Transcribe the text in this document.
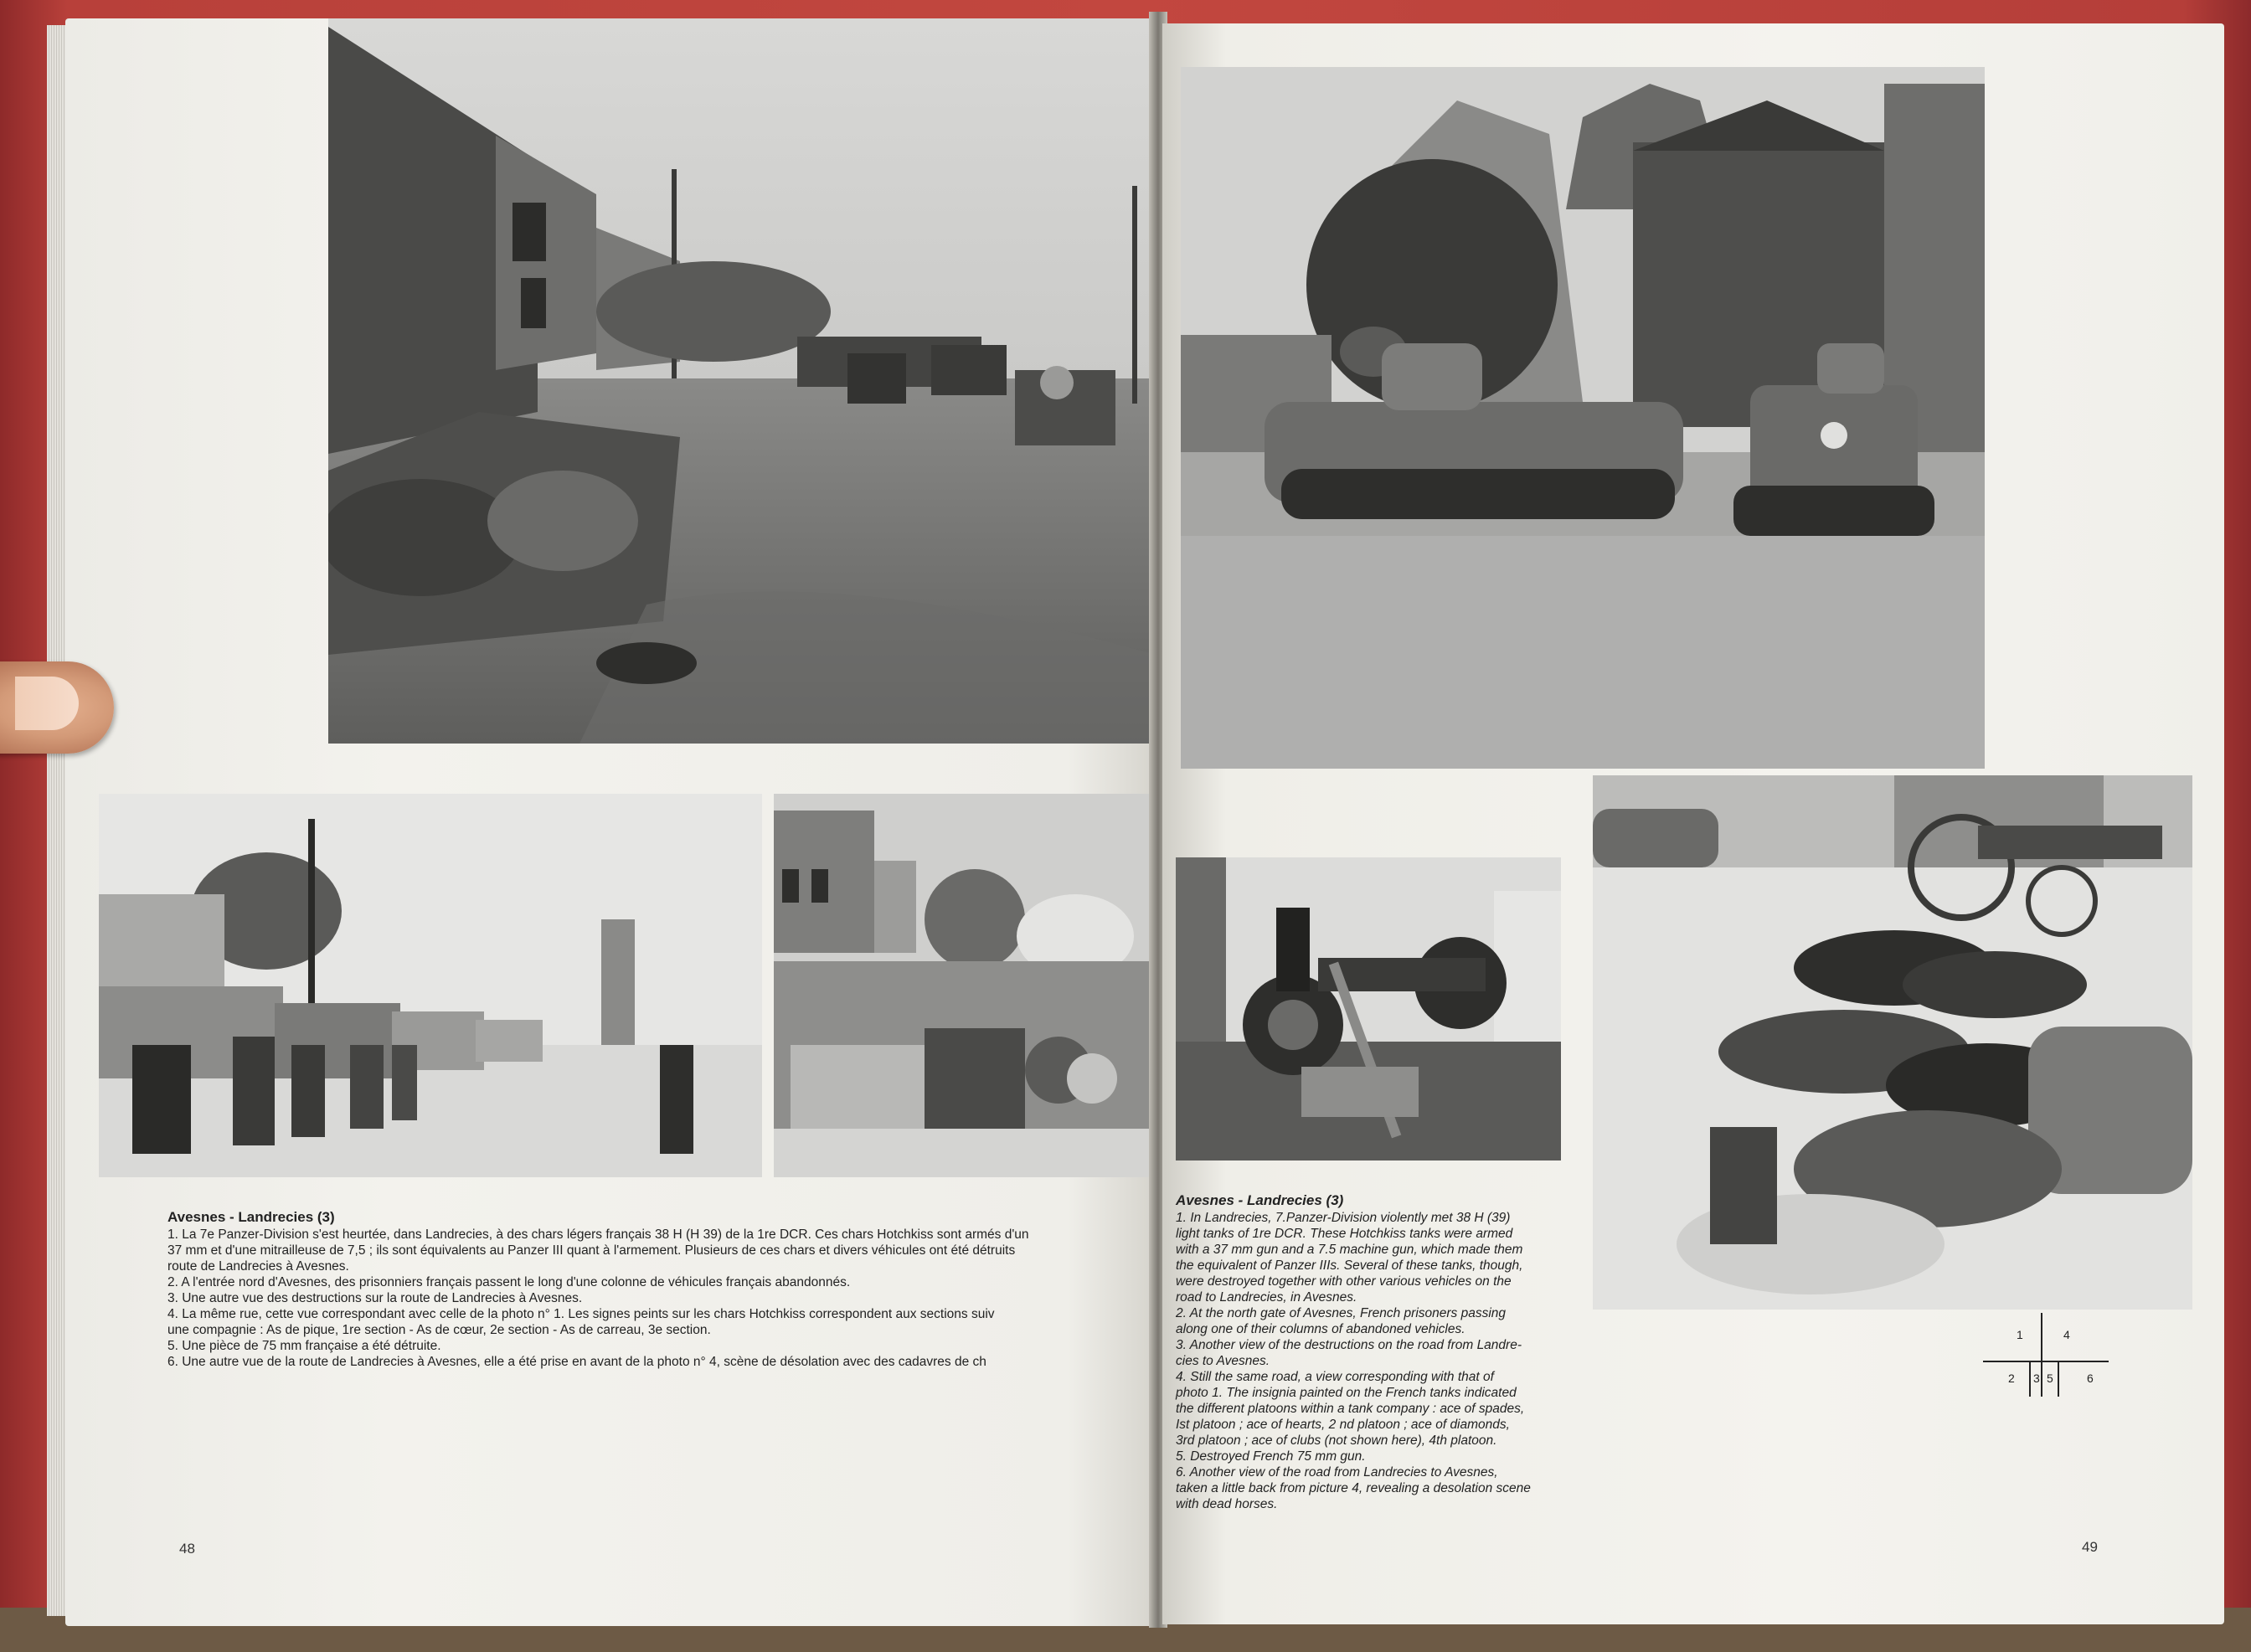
Avesnes - Landrecies (3)
1. La 7e Panzer-Division s'est heurtée, dans Landrecies, à des chars légers français 38 H (H 39) de la 1re DCR. Ces chars Hotchkiss sont armés d'un
37 mm et d'une mitrailleuse de 7,5 ; ils sont équivalents au Panzer III quant à l'armement. Plusieurs de ces chars et divers véhicules ont été détruits
route de Landrecies à Avesnes.
2. A l'entrée nord d'Avesnes, des prisonniers français passent le long d'une colonne de véhicules français abandonnés.
3. Une autre vue des destructions sur la route de Landrecies à Avesnes.
4. La même rue, cette vue correspondant avec celle de la photo n° 1. Les signes peints sur les chars Hotchkiss correspondent aux sections suiv
une compagnie : As de pique, 1re section - As de cœur, 2e section - As de carreau, 3e section.
5. Une pièce de 75 mm française a été détruite.
6. Une autre vue de la route de Landrecies à Avesnes, elle a été prise en avant de la photo n° 4, scène de désolation avec des cadavres de ch
48
Avesnes - Landrecies (3)
1. In Landrecies, 7.Panzer-Division violently met 38 H (39)
light tanks of 1re DCR. These Hotchkiss tanks were armed
with a 37 mm gun and a 7.5 machine gun, which made them
the equivalent of Panzer IIIs. Several of these tanks, though,
were destroyed together with other various vehicles on the
road to Landrecies, in Avesnes.
2. At the north gate of Avesnes, French prisoners passing
along one of their columns of abandoned vehicles.
3. Another view of the destructions on the road from Landre-
cies to Avesnes.
4. Still the same road, a view corresponding with that of
photo 1. The insignia painted on the French tanks indicated
the different platoons within a tank company : ace of spades,
Ist platoon ; ace of hearts, 2 nd platoon ; ace of diamonds,
3rd platoon ; ace of clubs (not shown here), 4th platoon.
5. Destroyed French 75 mm gun.
6. Another view of the road from Landrecies to Avesnes,
taken a little back from picture 4, revealing a desolation scene
with dead horses.
1	4
2 3 5	6
49
